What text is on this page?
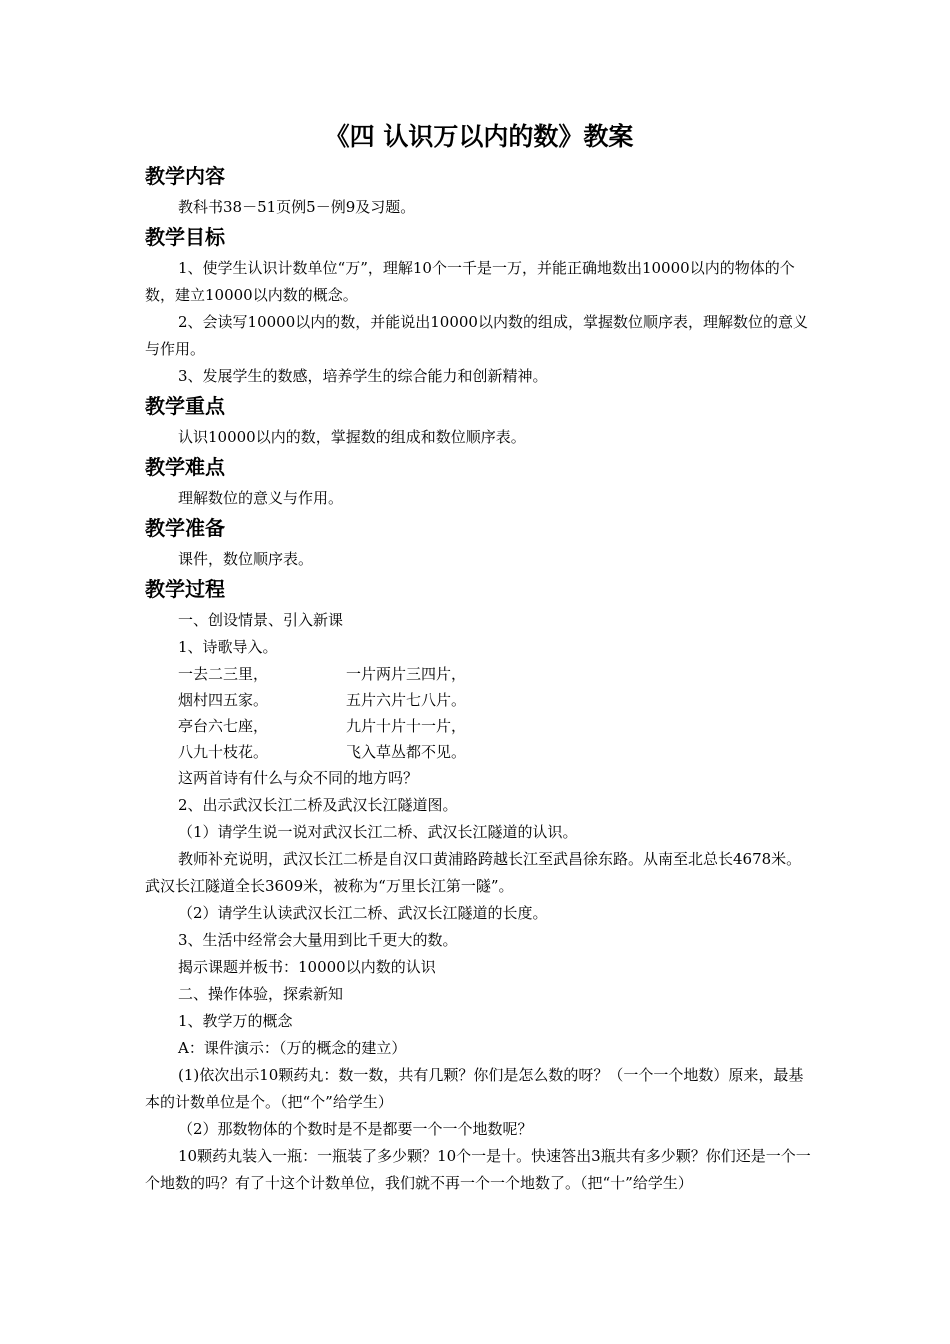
《四 认识万以内的数》教案
教学内容

教科书38－51页例5－例9及习题。

教学目标

1、使学生认识计数单位“万”，理解10个一千是一万，并能正确地数出10000以内的物体的个数，建立10000以内数的概念。

2、会读写10000以内的数，并能说出10000以内数的组成，掌握数位顺序表，理解数位的意义与作用。

3、发展学生的数感，培养学生的综合能力和创新精神。

教学重点

认识10000以内的数，掌握数的组成和数位顺序表。

教学难点

理解数位的意义与作用。

教学准备

课件，数位顺序表。

教学过程

一、创设情景、引入新课

1、诗歌导入。

一去二三里，	一片两片三四片，
烟村四五家。	五片六片七八片。
亭台六七座，	九片十片十一片，
八九十枝花。	飞入草丛都不见。

这两首诗有什么与众不同的地方吗？

2、出示武汉长江二桥及武汉长江隧道图。

（1）请学生说一说对武汉长江二桥、武汉长江隧道的认识。

教师补充说明，武汉长江二桥是自汉口黄浦路跨越长江至武昌徐东路。从南至北总长4678米。武汉长江隧道全长3609米，被称为“万里长江第一隧”。

（2）请学生认读武汉长江二桥、武汉长江隧道的长度。

3、生活中经常会大量用到比千更大的数。

揭示课题并板书：10000以内数的认识

二、操作体验，探索新知

1、教学万的概念

A：课件演示：（万的概念的建立）

(1)依次出示10颗药丸：数一数，共有几颗？你们是怎么数的呀？（一个一个地数）原来，最基本的计数单位是个。（把“个”给学生）

（2）那数物体的个数时是不是都要一个一个地数呢？

10颗药丸装入一瓶：一瓶装了多少颗？10个一是十。快速答出3瓶共有多少颗？你们还是一个一个地数的吗？有了十这个计数单位，我们就不再一个一个地数了。（把“十”给学生）
